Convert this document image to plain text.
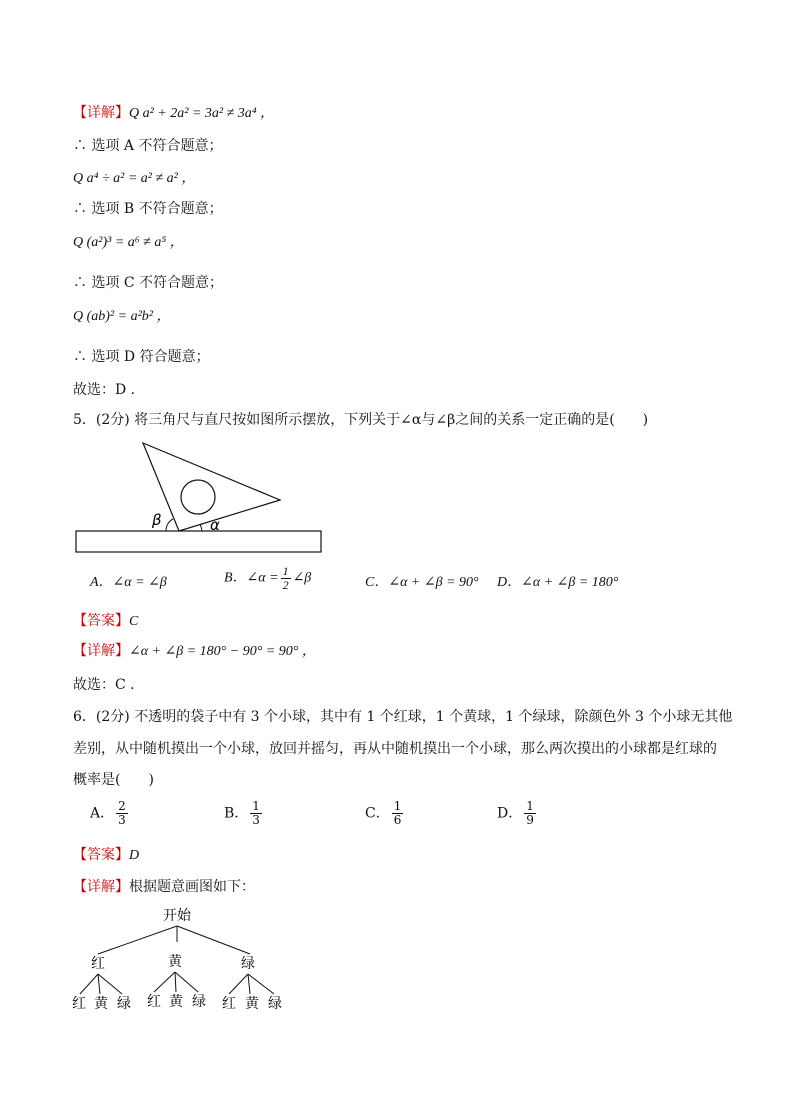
【详解】Q a² + 2a² = 3a² ≠ 3a⁴ ，
∴ 选项 A 不符合题意；
Q a⁴ ÷ a² = a² ≠ a² ，
∴ 选项 B 不符合题意；
Q (a²)³ = a⁶ ≠ a⁵ ，
∴ 选项 C 不符合题意；
Q (ab)² = a²b² ，
∴ 选项 D 符合题意；
故选：D ．
5．(2分) 将三角尺与直尺按如图所示摆放，下列关于∠α与∠β之间的关系一定正确的是(　　)
β	α
A．∠α = ∠β	B．∠α = $\frac{1}{2}$ ∠β	C．∠α + ∠β = 90° D．∠α + ∠β = 180°
【答案】C
【详解】∠α + ∠β = 180° − 90° = 90° ，
故选：C ．
6．(2分) 不透明的袋子中有 3 个小球，其中有 1 个红球，1 个黄球，1 个绿球，除颜色外 3 个小球无其他
差别，从中随机摸出一个小球，放回并摇匀，再从中随机摸出一个小球，那么两次摸出的小球都是红球的
概率是(　　)
A． $\frac{2}{3}$	B． $\frac{1}{3}$	C． $\frac{1}{6}$	D． $\frac{1}{9}$
【答案】D
【详解】根据题意画图如下：
开始
红	黄	绿
红 黄 绿 红 黄 绿 红 黄 绿
